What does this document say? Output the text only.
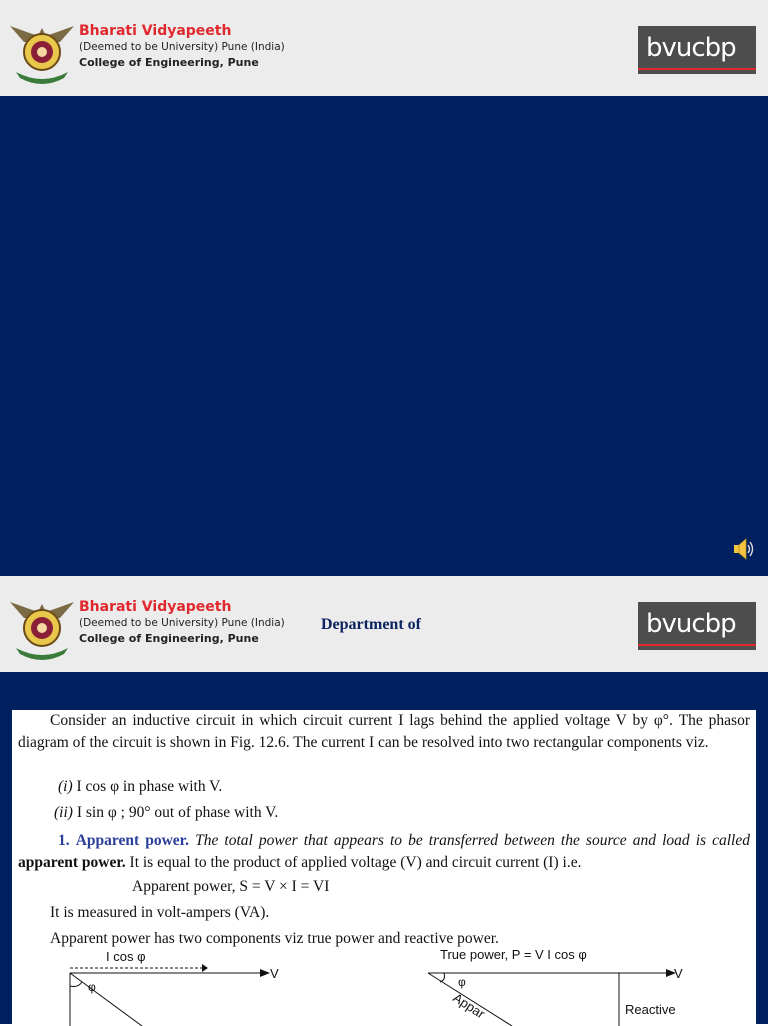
Bharati Vidyapeeth
(Deemed to be University) Pune (India)
College of Engineering, Pune	bvucbp
Bharati Vidyapeeth
(Deemed to be University) Pune (India)
College of Engineering, Pune
Department of	bvucbp

Consider an inductive circuit in which circuit current I lags behind the applied voltage V by φ°. The phasor diagram of the circuit is shown in Fig. 12.6. The current I can be resolved into two rectangular components viz.

(i) I cos φ in phase with V.

(ii) I sin φ ; 90° out of phase with V.

1. Apparent power. The total power that appears to be transferred between the source and load is called apparent power. It is equal to the product of applied voltage (V) and circuit current (I) i.e.

Apparent power, S = V × I = VI

It is measured in volt-ampers (VA).

Apparent power has two components viz true power and reactive power.

I cos φ
V
φ
True power, P = V I cos φ
V
φ
Appar	Reactive
